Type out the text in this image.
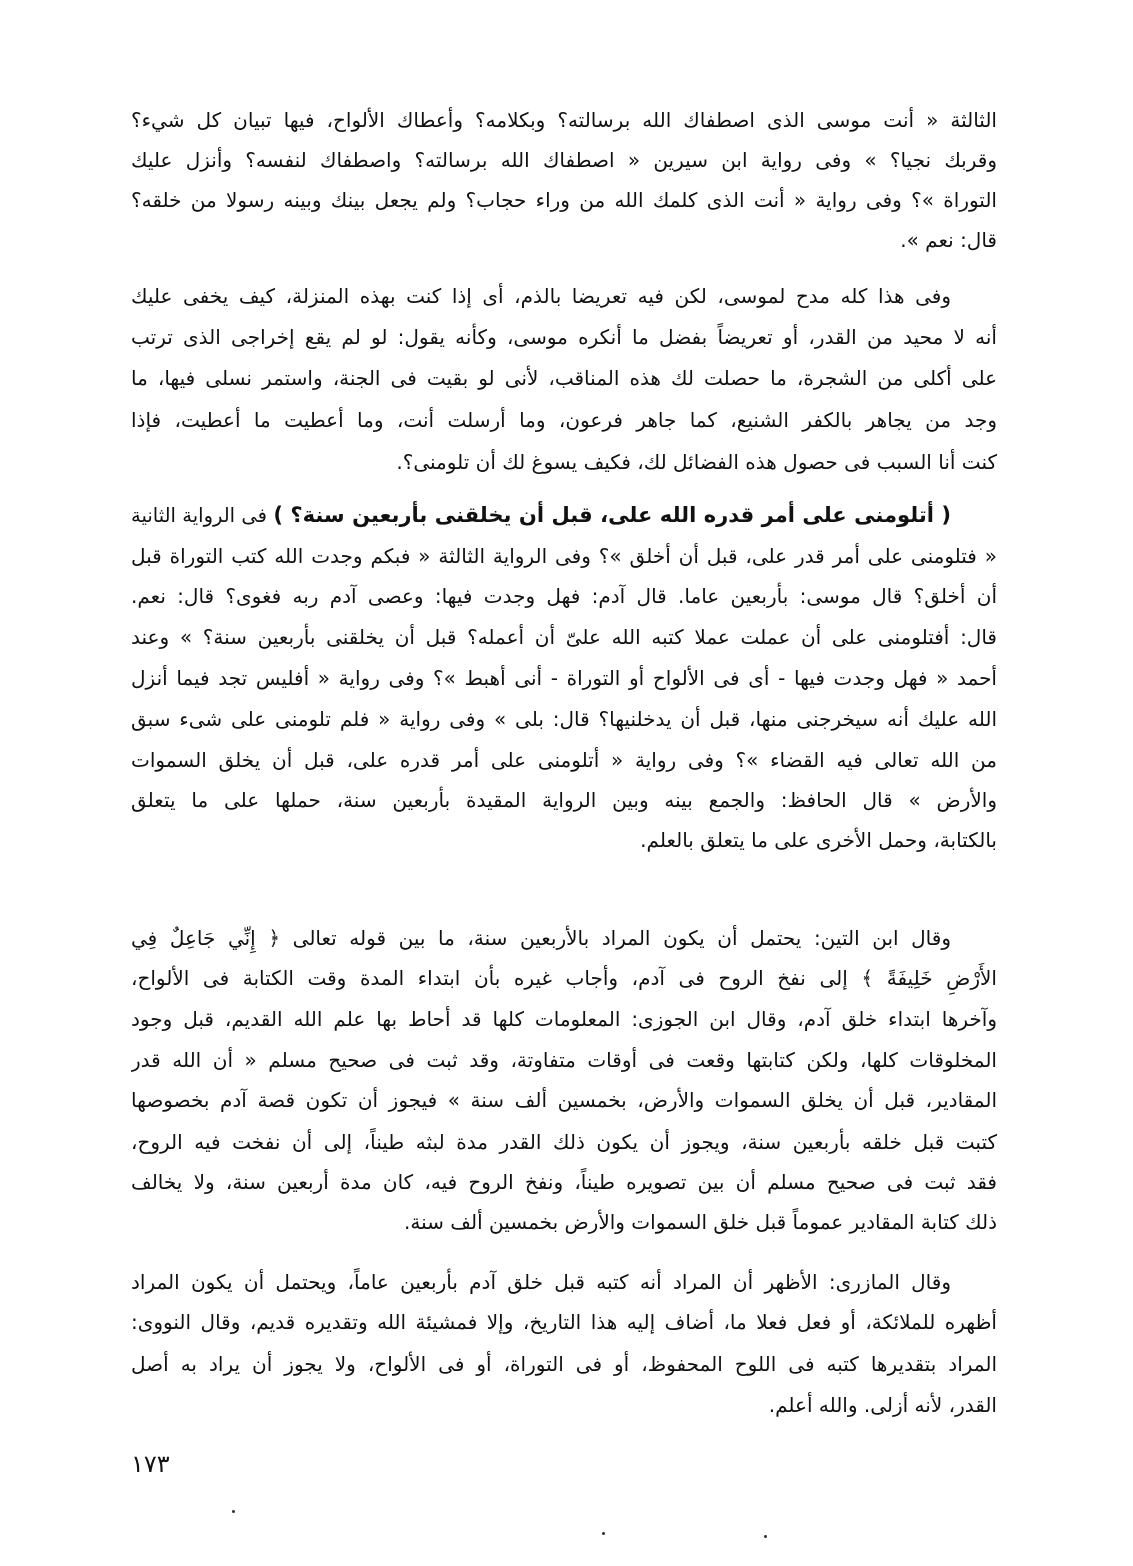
١٧٣
الثالثة « أنت موسى الذى اصطفاك الله برسالته؟ وبكلامه؟ وأعطاك الألواح، فيها تبيان كل شيء؟
وقربك نجيا؟ » وفى رواية ابن سيرين « اصطفاك الله برسالته؟ واصطفاك لنفسه؟ وأنزل عليك
التوراة »؟ وفى رواية « أنت الذى كلمك الله من وراء حجاب؟ ولم يجعل بينك وبينه رسولا من خلقه؟
قال: نعم ».
وفى هذا كله مدح لموسى، لكن فيه تعريضا بالذم، أى إذا كنت بهذه المنزلة، كيف يخفى عليك
أنه لا محيد من القدر، أو تعريضاً بفضل ما أنكره موسى، وكأنه يقول: لو لم يقع إخراجى الذى ترتب
على أكلى من الشجرة، ما حصلت لك هذه المناقب، لأنى لو بقيت فى الجنة، واستمر نسلى فيها، ما
وجد من يجاهر بالكفر الشنيع، كما جاهر فرعون، وما أرسلت أنت، وما أعطيت ما أعطيت، فإذا
كنت أنا السبب فى حصول هذه الفضائل لك، فكيف يسوغ لك أن تلومنى؟.
( أتلومنى على أمر قدره الله على، قبل أن يخلقنى بأربعين سنة؟ ) فى الرواية الثانية
« فتلومنى على أمر قدر على، قبل أن أخلق »؟ وفى الرواية الثالثة « فبكم وجدت الله كتب التوراة قبل
أن أخلق؟ قال موسى: بأربعين عاما. قال آدم: فهل وجدت فيها: وعصى آدم ربه فغوى؟ قال: نعم.
قال: أفتلومنى على أن عملت عملا كتبه الله علىّ أن أعمله؟ قبل أن يخلقنى بأربعين سنة؟ » وعند
أحمد « فهل وجدت فيها - أى فى الألواح أو التوراة - أنى أهبط »؟ وفى رواية « أفليس تجد فيما أنزل
الله عليك أنه سيخرجنى منها، قبل أن يدخلنيها؟ قال: بلى » وفى رواية « فلم تلومنى على شىء سبق
من الله تعالى فيه القضاء »؟ وفى رواية « أتلومنى على أمر قدره على، قبل أن يخلق السموات
والأرض » قال الحافظ: والجمع بينه وبين الرواية المقيدة بأربعين سنة، حملها على ما يتعلق
بالكتابة، وحمل الأخرى على ما يتعلق بالعلم.
وقال ابن التين: يحتمل أن يكون المراد بالأربعين سنة، ما بين قوله تعالى ﴿ إِنِّي جَاعِلٌ فِي
الأَرْضِ خَلِيفَةً ﴾ إلى نفخ الروح فى آدم، وأجاب غيره بأن ابتداء المدة وقت الكتابة فى الألواح،
وآخرها ابتداء خلق آدم، وقال ابن الجوزى: المعلومات كلها قد أحاط بها علم الله القديم، قبل وجود
المخلوقات كلها، ولكن كتابتها وقعت فى أوقات متفاوتة، وقد ثبت فى صحيح مسلم « أن الله قدر
المقادير، قبل أن يخلق السموات والأرض، بخمسين ألف سنة » فيجوز أن تكون قصة آدم بخصوصها
كتبت قبل خلقه بأربعين سنة، ويجوز أن يكون ذلك القدر مدة لبثه طيناً، إلى أن نفخت فيه الروح،
فقد ثبت فى صحيح مسلم أن بين تصويره طيناً، ونفخ الروح فيه، كان مدة أربعين سنة، ولا يخالف
ذلك كتابة المقادير عموماً قبل خلق السموات والأرض بخمسين ألف سنة.
وقال المازرى: الأظهر أن المراد أنه كتبه قبل خلق آدم بأربعين عاماً، ويحتمل أن يكون المراد
أظهره للملائكة، أو فعل فعلا ما، أضاف إليه هذا التاريخ، وإلا فمشيئة الله وتقديره قديم، وقال النووى:
المراد بتقديرها كتبه فى اللوح المحفوظ، أو فى التوراة، أو فى الألواح، ولا يجوز أن يراد به أصل
القدر، لأنه أزلى. والله أعلم.
